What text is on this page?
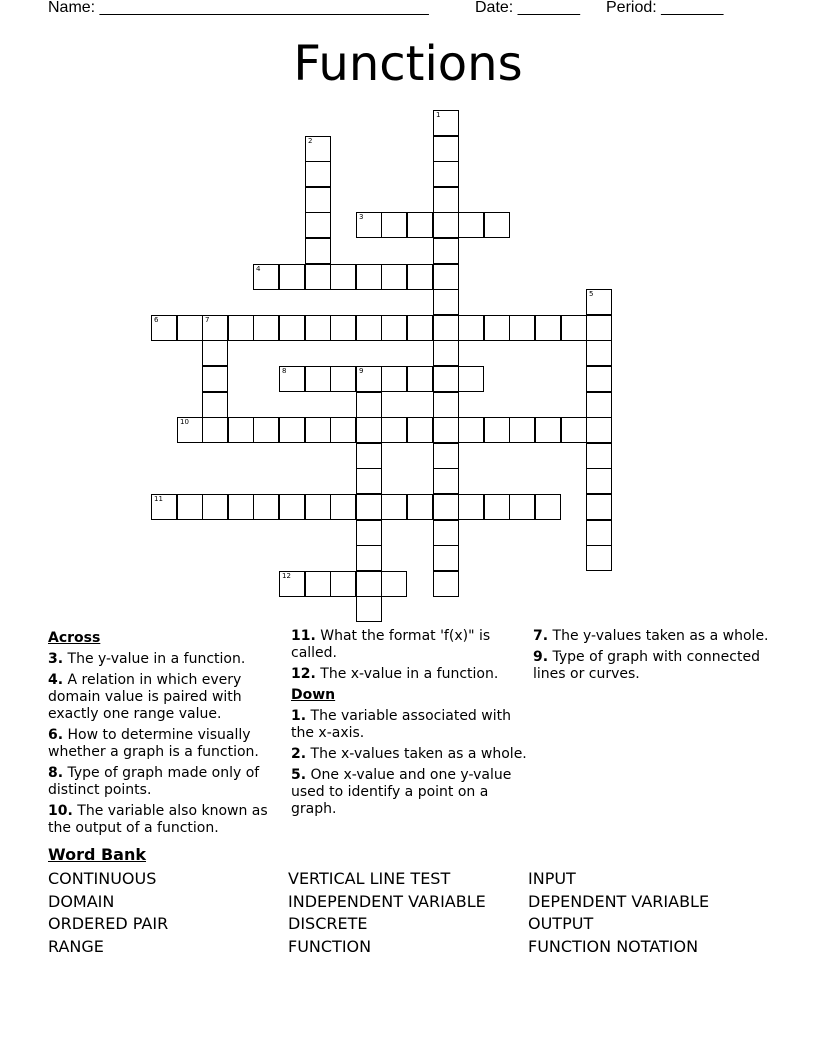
Name: _____________________________________

	Date: _______

Period: _______

Functions
1
2
3
4
5
6	7
8	9
10
11
12
Across
3. The y-value in a function.
4. A relation in which every domain value is paired with exactly one range value.
6. How to determine visually whether a graph is a function.
8. Type of graph made only of distinct points.
10. The variable also known as the output of a function.
11. What the format 'f(x)" is called.
12. The x-value in a function.
Down
1. The variable associated with the x-axis.
2. The x-values taken as a whole.
5. One x-value and one y-value used to identify a point on a graph.
7. The y-values taken as a whole.
9. Type of graph with connected lines or curves.
Word Bank
CONTINUOUS
DOMAIN
ORDERED PAIR
RANGE
VERTICAL LINE TEST
INDEPENDENT VARIABLE
DISCRETE
FUNCTION
INPUT
DEPENDENT VARIABLE
OUTPUT
FUNCTION NOTATION
